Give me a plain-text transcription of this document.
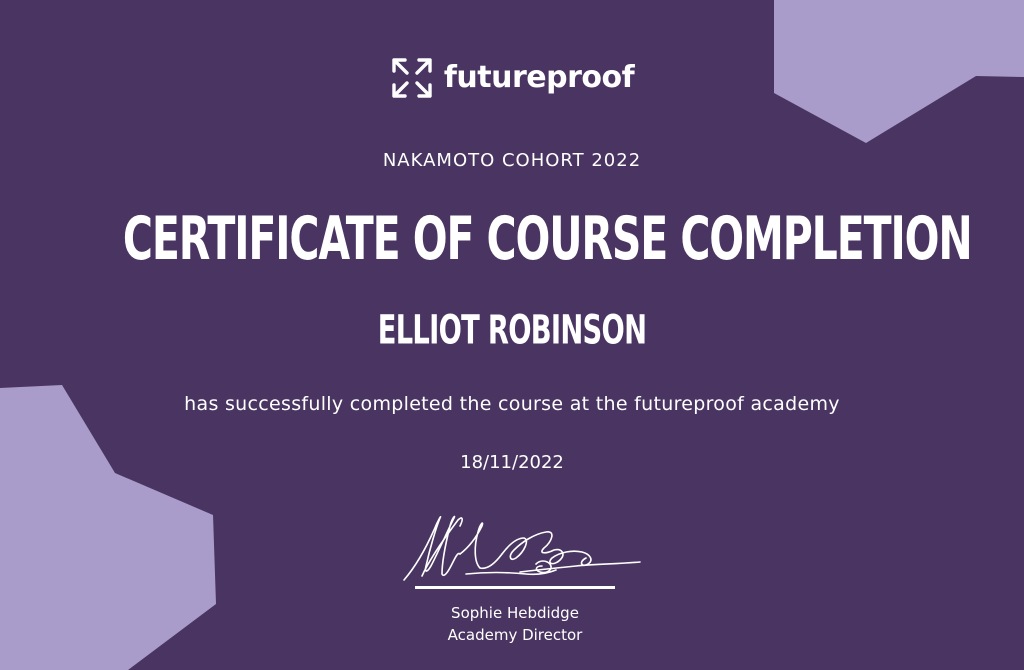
futureproof
NAKAMOTO COHORT 2022
CERTIFICATE OF COURSE COMPLETION
ELLIOT ROBINSON
has successfully completed the course at the futureproof academy
18/11/2022
Sophie Hebdidge
Academy Director
